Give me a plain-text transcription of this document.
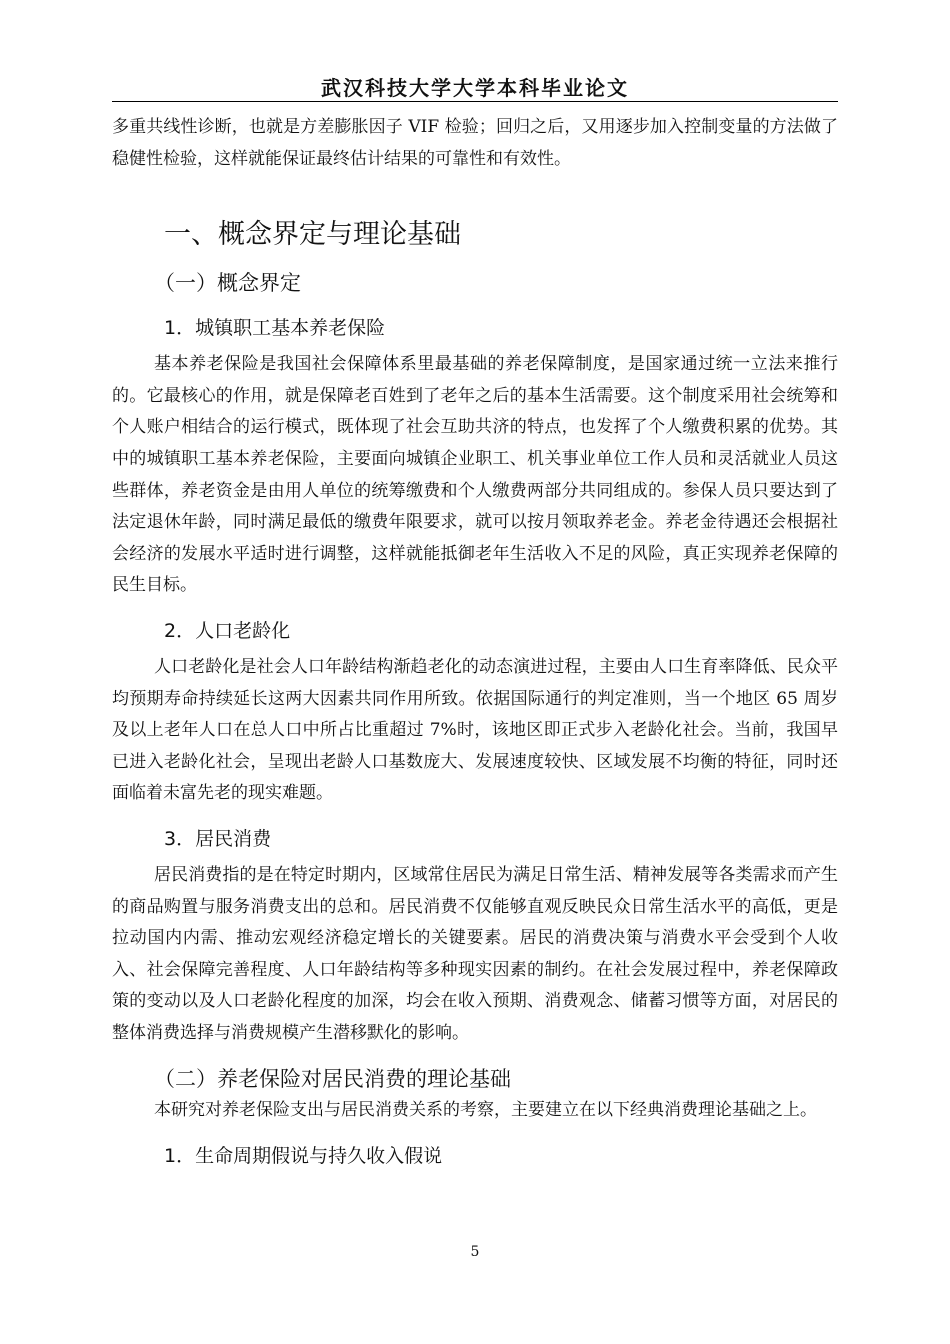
武汉科技大学大学本科毕业论文

多重共线性诊断，也就是方差膨胀因子 VIF 检验；回归之后，又用逐步加入控制变量的方法做了稳健性检验，这样就能保证最终估计结果的可靠性和有效性。

一、概念界定与理论基础
（一）概念界定
1．城镇职工基本养老保险

基本养老保险是我国社会保障体系里最基础的养老保障制度，是国家通过统一立法来推行的。它最核心的作用，就是保障老百姓到了老年之后的基本生活需要。这个制度采用社会统筹和个人账户相结合的运行模式，既体现了社会互助共济的特点，也发挥了个人缴费积累的优势。其中的城镇职工基本养老保险，主要面向城镇企业职工、机关事业单位工作人员和灵活就业人员这些群体，养老资金是由用人单位的统筹缴费和个人缴费两部分共同组成的。参保人员只要达到了法定退休年龄，同时满足最低的缴费年限要求，就可以按月领取养老金。养老金待遇还会根据社会经济的发展水平适时进行调整，这样就能抵御老年生活收入不足的风险，真正实现养老保障的民生目标。

2．人口老龄化

人口老龄化是社会人口年龄结构渐趋老化的动态演进过程，主要由人口生育率降低、民众平均预期寿命持续延长这两大因素共同作用所致。依据国际通行的判定准则，当一个地区 65 周岁及以上老年人口在总人口中所占比重超过 7%时，该地区即正式步入老龄化社会。当前，我国早已进入老龄化社会，呈现出老龄人口基数庞大、发展速度较快、区域发展不均衡的特征，同时还面临着未富先老的现实难题。

3．居民消费

居民消费指的是在特定时期内，区域常住居民为满足日常生活、精神发展等各类需求而产生的商品购置与服务消费支出的总和。居民消费不仅能够直观反映民众日常生活水平的高低，更是拉动国内内需、推动宏观经济稳定增长的关键要素。居民的消费决策与消费水平会受到个人收入、社会保障完善程度、人口年龄结构等多种现实因素的制约。在社会发展过程中，养老保障政策的变动以及人口老龄化程度的加深，均会在收入预期、消费观念、储蓄习惯等方面，对居民的整体消费选择与消费规模产生潜移默化的影响。

（二）养老保险对居民消费的理论基础

本研究对养老保险支出与居民消费关系的考察，主要建立在以下经典消费理论基础之上。

1．生命周期假说与持久收入假说
5
